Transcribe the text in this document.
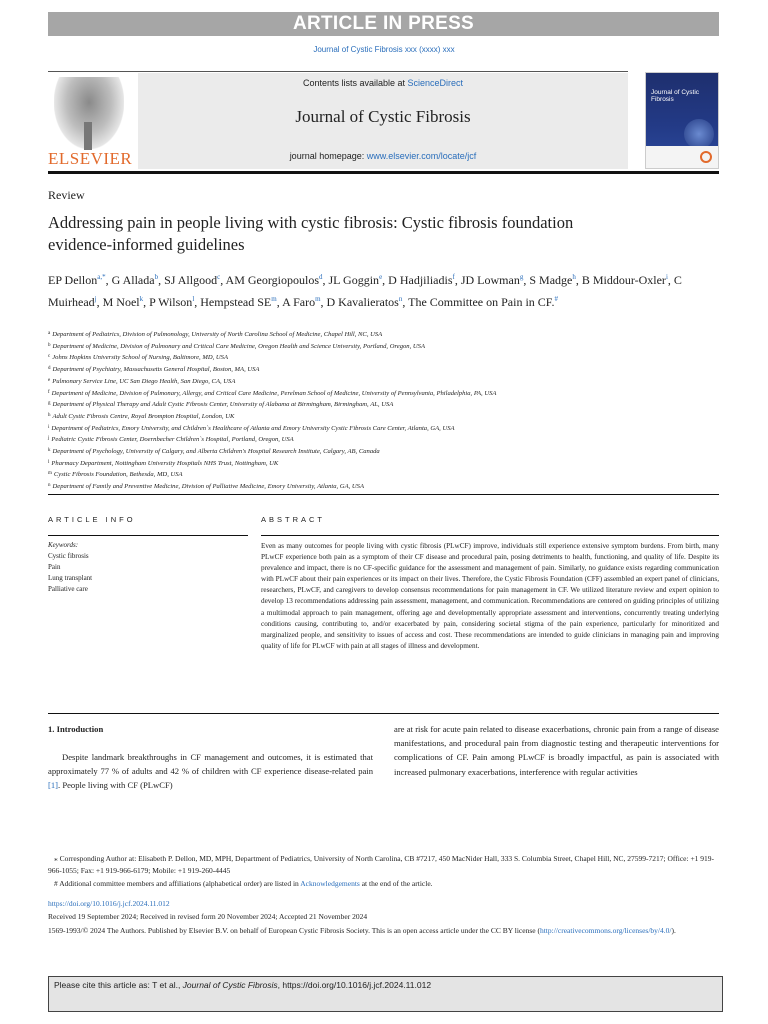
ARTICLE IN PRESS
Journal of Cystic Fibrosis xxx (xxxx) xxx
ELSEVIER
Contents lists available at ScienceDirect
Journal of Cystic Fibrosis
journal homepage: www.elsevier.com/locate/jcf
Journal of Cystic Fibrosis
Review
Addressing pain in people living with cystic fibrosis: Cystic fibrosis foundation evidence-informed guidelines
EP Dellon$^{a,*}$, G Allada$^b$, SJ Allgood$^c$, AM Georgiopoulos$^d$, JL Goggin$^e$, D Hadjiliadis$^f$, JD Lowman$^g$, S Madge$^h$, B Middour-Oxler$^i$, C Muirhead$^j$, M Noel$^k$, P Wilson$^l$, Hempstead $SE^m$, A Faro$^m$, D Kavalieratos$^n$, The Committee on Pain in CF.#
$^a$ Department of Pediatrics, Division of Pulmonology, University of North Carolina School of Medicine, Chapel Hill, NC, USA
$^b$ Department of Medicine, Division of Pulmonary and Critical Care Medicine, Oregon Health and Science University, Portland, Oregon, USA
$^c$ Johns Hopkins University School of Nursing, Baltimore, MD, USA
$^d$ Department of Psychiatry, Massachusetts General Hospital, Boston, MA, USA
$^e$ Pulmonary Service Line, UC San Diego Health, San Diego, CA, USA
$^f$ Department of Medicine, Division of Pulmonary, Allergy, and Critical Care Medicine, Perelman School of Medicine, University of Pennsylvania, Philadelphia, PA, USA
$^g$ Department of Physical Therapy and Adult Cystic Fibrosis Center, University of Alabama at Birmingham, Birmingham, AL, USA
$^h$ Adult Cystic Fibrosis Centre, Royal Brompton Hospital, London, UK
$^i$ Department of Pediatrics, Emory University, and Children`s Healthcare of Atlanta and Emory University Cystic Fibrosis Care Center, Atlanta, GA, USA
$^j$ Pediatric Cystic Fibrosis Center, Doernbecher Children`s Hospital, Portland, Oregon, USA
$^k$ Department of Psychology, University of Calgary, and Alberta Children's Hospital Research Institute, Calgary, AB, Canada
$^l$ Pharmacy Department, Nottingham University Hospitals NHS Trust, Nottingham, UK
$^m$ Cystic Fibrosis Foundation, Bethesda, MD, USA
$^n$ Department of Family and Preventive Medicine, Division of Palliative Medicine, Emory University, Atlanta, GA, USA
ARTICLE INFO	ABSTRACT
Keywords:
Cystic fibrosis
Pain
Lung transplant
Palliative care
Even as many outcomes for people living with cystic fibrosis (PLwCF) improve, individuals still experience extensive symptom burdens. From birth, many PLwCF experience both pain as a symptom of their CF disease and procedural pain, posing detriments to health, functioning, and quality of life. Despite its prevalence and impact, there is no CF-specific guidance for the assessment and management of pain. Similarly, no guidance exists regarding communication with PLwCF about their pain experiences or its impact on their lives. Therefore, the Cystic Fibrosis Foundation (CFF) assembled an expert panel of clinicians, researchers, PLwCF, and caregivers to develop consensus recommendations for pain management in CF. We utilized literature review and expert opinion to develop 13 recommendations addressing pain assessment, management, and communication. Recommendations are centered on guiding principles of utilizing a multimodal approach to pain management, offering age and developmentally appropriate assessment and interventions, concurrently treating underlying conditions causing, contributing to, and/or exacerbated by pain, considering societal stigma of the pain experience, particularly for minoritized and marginalized people, and sensitivity to issues of access and cost. These recommendations are intended to guide clinicians in managing pain and improving quality of life for PLwCF with pain at all stages of illness and development.
1. Introduction
Despite landmark breakthroughs in CF management and outcomes, it is estimated that approximately 77 % of adults and 42 % of children with CF experience disease-related pain [1]. People living with CF (PLwCF)
are at risk for acute pain related to disease exacerbations, chronic pain from a range of disease manifestations, and procedural pain from diagnostic testing and therapeutic interventions for complications of CF. Pain among PLwCF is broadly impactful, as pain is associated with increased pulmonary exacerbations, interference with regular activities
⁎ Corresponding Author at: Elisabeth P. Dellon, MD, MPH, Department of Pediatrics, University of North Carolina, CB #7217, 450 MacNider Hall, 333 S. Columbia Street, Chapel Hill, NC, 27599-7217; Office: +1 919-966-1055; Fax: +1 919-966-6179; Mobile: +1 919-260-4445
# Additional committee members and affiliations (alphabetical order) are listed in Acknowledgements at the end of the article.
https://doi.org/10.1016/j.jcf.2024.11.012
Received 19 September 2024; Received in revised form 20 November 2024; Accepted 21 November 2024
1569-1993/© 2024 The Authors. Published by Elsevier B.V. on behalf of European Cystic Fibrosis Society. This is an open access article under the CC BY license (http://creativecommons.org/licenses/by/4.0/).
Please cite this article as: T et al., Journal of Cystic Fibrosis, https://doi.org/10.1016/j.jcf.2024.11.012
